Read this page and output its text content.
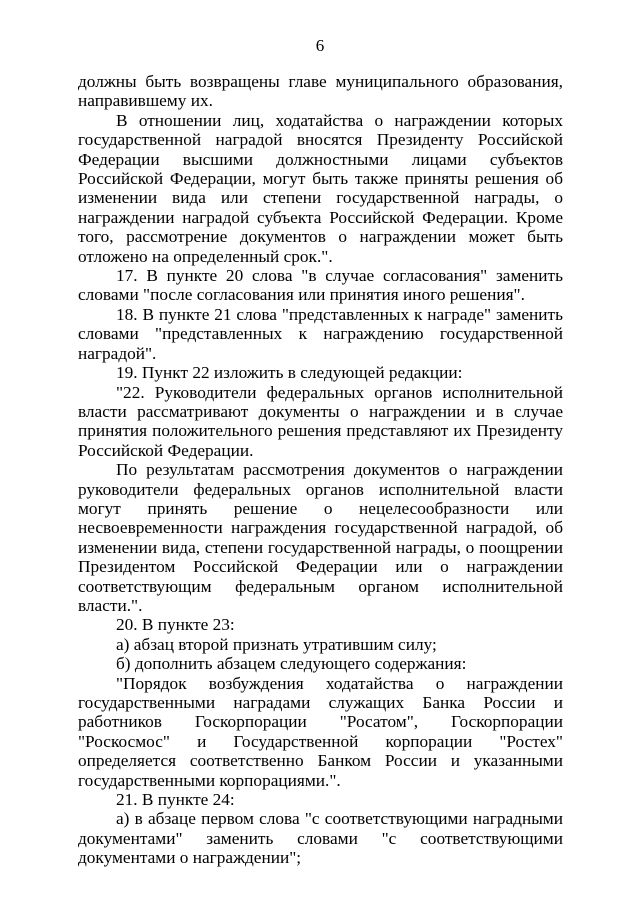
6

должны быть возвращены главе муниципального образования, направившему их.

В отношении лиц, ходатайства о награждении которых государственной наградой вносятся Президенту Российской Федерации высшими должностными лицами субъектов Российской Федерации, могут быть также приняты решения об изменении вида или степени государственной награды, о награждении наградой субъекта Российской Федерации. Кроме того, рассмотрение документов о награждении может быть отложено на определенный срок.".

17. В пункте 20 слова "в случае согласования" заменить словами "после согласования или принятия иного решения".

18. В пункте 21 слова "представленных к награде" заменить словами "представленных к награждению государственной наградой".

19. Пункт 22 изложить в следующей редакции:

"22. Руководители федеральных органов исполнительной власти рассматривают документы о награждении и в случае принятия положительного решения представляют их Президенту Российской Федерации.

По результатам рассмотрения документов о награждении руководители федеральных органов исполнительной власти могут принять решение о нецелесообразности или несвоевременности награждения государственной наградой, об изменении вида, степени государственной награды, о поощрении Президентом Российской Федерации или о награждении соответствующим федеральным органом исполнительной власти.".

20. В пункте 23:

а) абзац второй признать утратившим силу;

б) дополнить абзацем следующего содержания:

"Порядок возбуждения ходатайства о награждении государственными наградами служащих Банка России и работников Госкорпорации "Росатом", Госкорпорации "Роскосмос" и Государственной корпорации "Ростех" определяется соответственно Банком России и указанными государственными корпорациями.".

21. В пункте 24:

а) в абзаце первом слова "с соответствующими наградными документами" заменить словами "с соответствующими документами о награждении";
